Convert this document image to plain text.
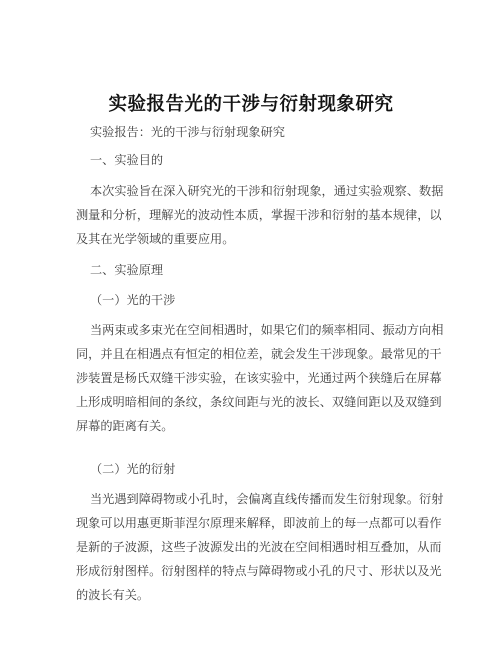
实验报告光的干涉与衍射现象研究

实验报告：光的干涉与衍射现象研究

一、实验目的

本次实验旨在深入研究光的干涉和衍射现象，通过实验观察、数据
测量和分析，理解光的波动性本质，掌握干涉和衍射的基本规律，以
及其在光学领域的重要应用。

二、实验原理

（一）光的干涉

当两束或多束光在空间相遇时，如果它们的频率相同、振动方向相
同，并且在相遇点有恒定的相位差，就会发生干涉现象。最常见的干
涉装置是杨氏双缝干涉实验，在该实验中，光通过两个狭缝后在屏幕
上形成明暗相间的条纹，条纹间距与光的波长、双缝间距以及双缝到
屏幕的距离有关。

（二）光的衍射

当光遇到障碍物或小孔时，会偏离直线传播而发生衍射现象。衍射
现象可以用惠更斯菲涅尔原理来解释，即波前上的每一点都可以看作
是新的子波源，这些子波源发出的光波在空间相遇时相互叠加，从而
形成衍射图样。衍射图样的特点与障碍物或小孔的尺寸、形状以及光
的波长有关。
